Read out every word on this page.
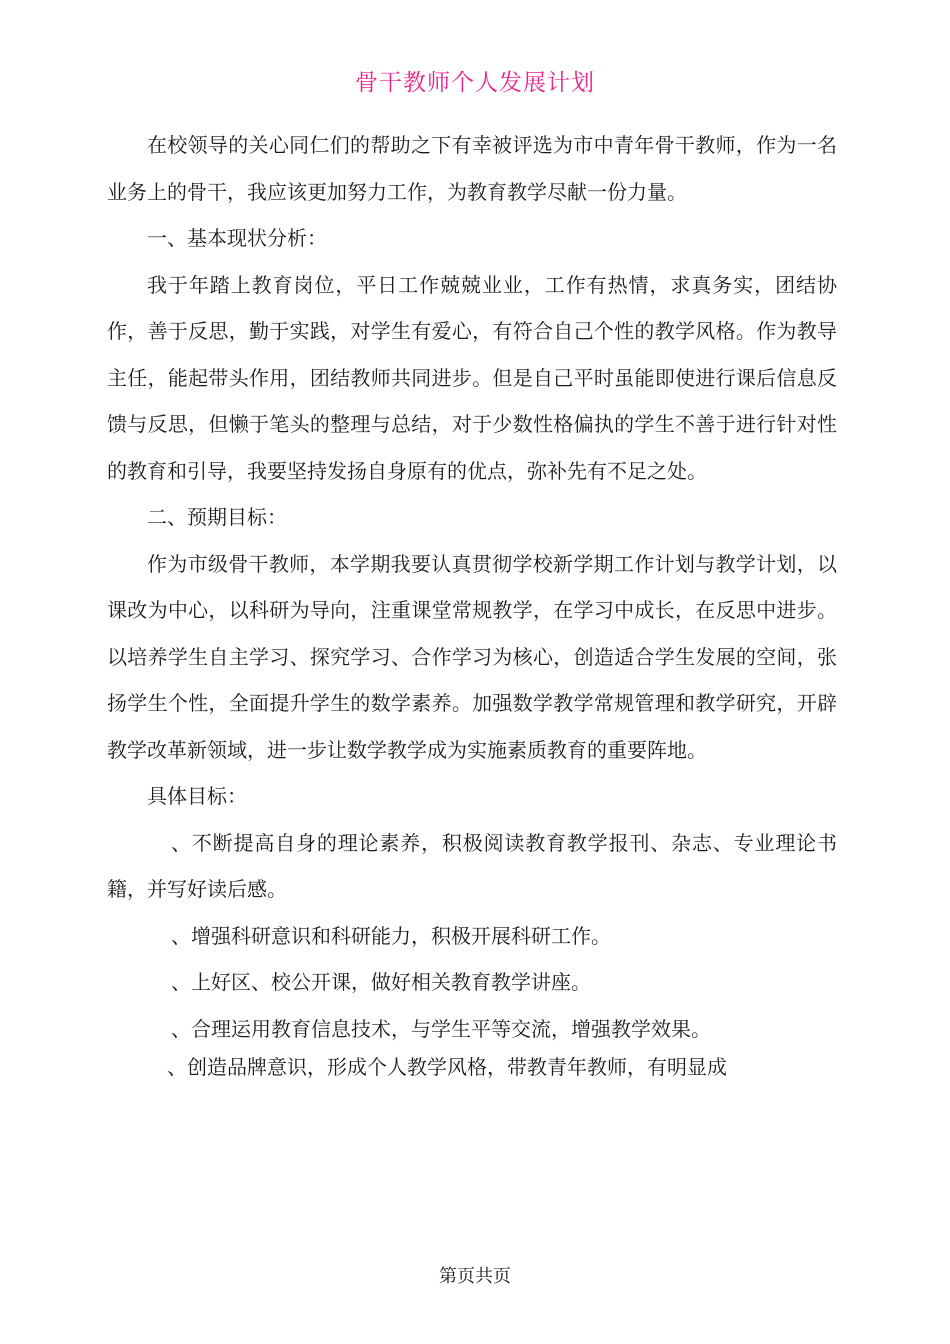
骨干教师个人发展计划

在校领导的关心同仁们的帮助之下有幸被评选为市中青年骨干教师，作为一名业务上的骨干，我应该更加努力工作，为教育教学尽献一份力量。

一、基本现状分析：

我于年踏上教育岗位，平日工作兢兢业业，工作有热情，求真务实，团结协作，善于反思，勤于实践，对学生有爱心，有符合自己个性的教学风格。作为教导主任，能起带头作用，团结教师共同进步。但是自己平时虽能即使进行课后信息反馈与反思，但懒于笔头的整理与总结，对于少数性格偏执的学生不善于进行针对性的教育和引导，我要坚持发扬自身原有的优点，弥补先有不足之处。

二、预期目标：

作为市级骨干教师，本学期我要认真贯彻学校新学期工作计划与教学计划，以课改为中心，以科研为导向，注重课堂常规教学，在学习中成长，在反思中进步。以培养学生自主学习、探究学习、合作学习为核心，创造适合学生发展的空间，张扬学生个性，全面提升学生的数学素养。加强数学教学常规管理和教学研究，开辟教学改革新领域，进一步让数学教学成为实施素质教育的重要阵地。

具体目标：

、不断提高自身的理论素养，积极阅读教育教学报刊、杂志、专业理论书籍，并写好读后感。

、增强科研意识和科研能力，积极开展科研工作。

、上好区、校公开课，做好相关教育教学讲座。

、合理运用教育信息技术，与学生平等交流，增强教学效果。

、创造品牌意识，形成个人教学风格，带教青年教师，有明显成

第页共页
